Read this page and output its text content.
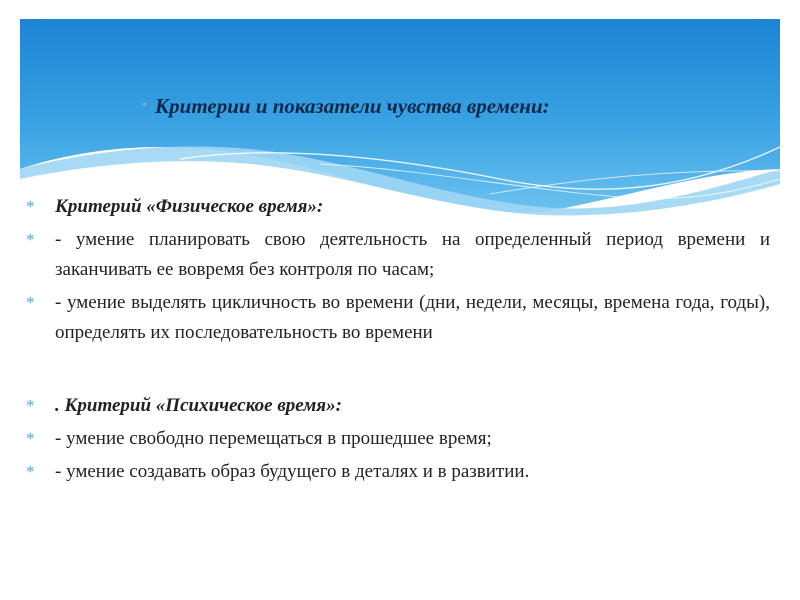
• Критерии и показатели чувства времени:
*	Критерий «Физическое время»:
*	- умение планировать свою деятельность на определенный период времени и заканчивать ее вовремя без контроля по часам;
*	- умение выделять цикличность во времени (дни, недели, месяцы, времена года, годы), определять их последовательность во времени
*	. Критерий «Психическое время»:
*	- умение свободно перемещаться в прошедшее время;
*	- умение создавать образ будущего в деталях и в развитии.
